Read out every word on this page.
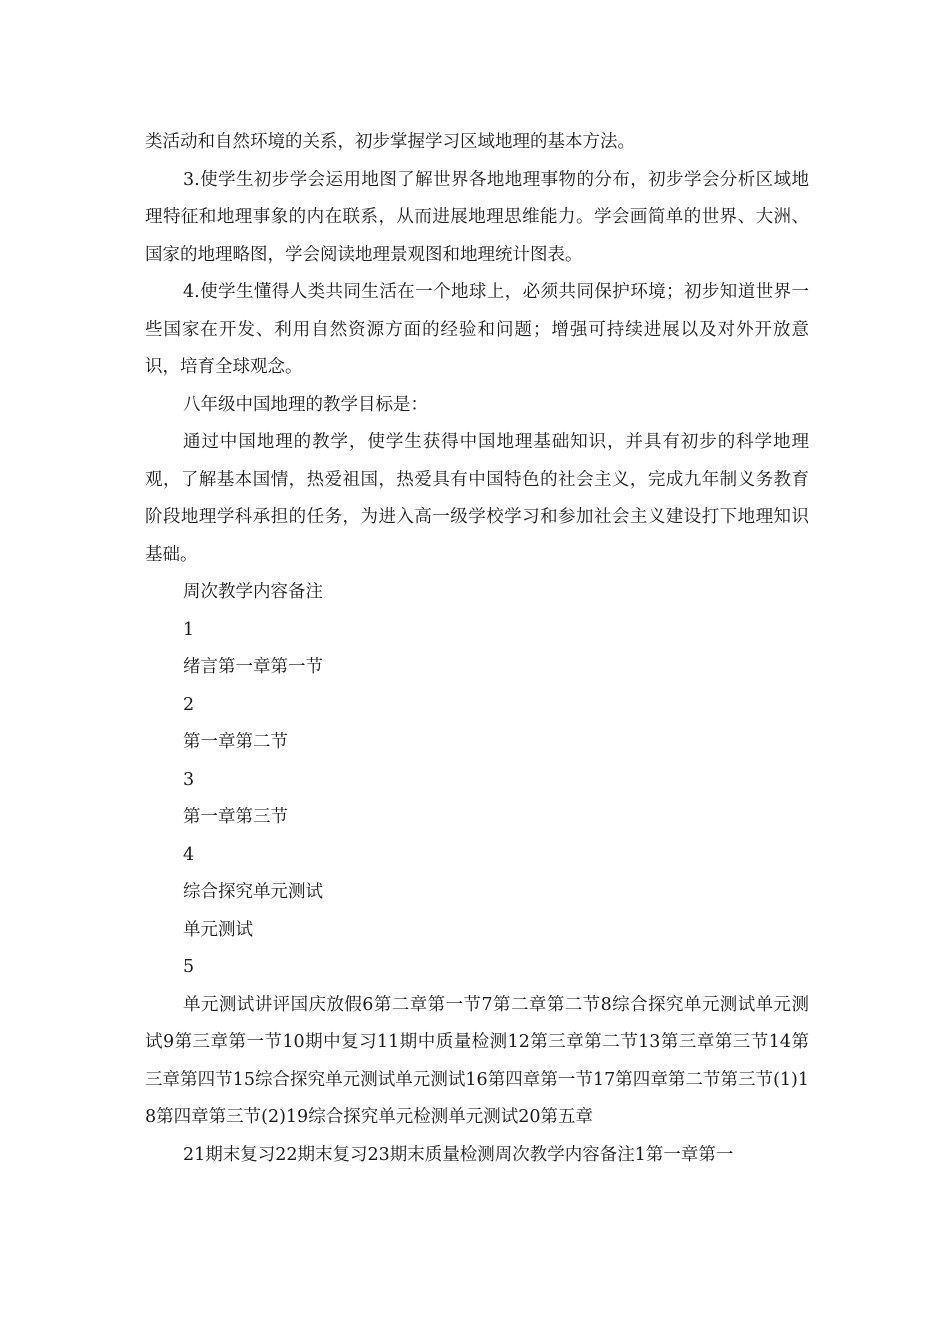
类活动和自然环境的关系，初步掌握学习区域地理的基本方法。

3.使学生初步学会运用地图了解世界各地地理事物的分布，初步学会分析区域地理特征和地理事象的内在联系，从而进展地理思维能力。学会画简单的世界、大洲、国家的地理略图，学会阅读地理景观图和地理统计图表。

4.使学生懂得人类共同生活在一个地球上，必须共同保护环境；初步知道世界一些国家在开发、利用自然资源方面的经验和问题；增强可持续进展以及对外开放意识，培育全球观念。

八年级中国地理的教学目标是：

通过中国地理的教学，使学生获得中国地理基础知识，并具有初步的科学地理观，了解基本国情，热爱祖国，热爱具有中国特色的社会主义，完成九年制义务教育阶段地理学科承担的任务，为进入高一级学校学习和参加社会主义建设打下地理知识基础。

周次教学内容备注

1

绪言第一章第一节

2

第一章第二节

3

第一章第三节

4

综合探究单元测试

单元测试

5

单元测试讲评国庆放假6第二章第一节7第二章第二节8综合探究单元测试单元测试9第三章第一节10期中复习11期中质量检测12第三章第二节13第三章第三节14第三章第四节15综合探究单元测试单元测试16第四章第一节17第四章第二节第三节(1)18第四章第三节(2)19综合探究单元检测单元测试20第五章

21期末复习22期末复习23期末质量检测周次教学内容备注1第一章第一
